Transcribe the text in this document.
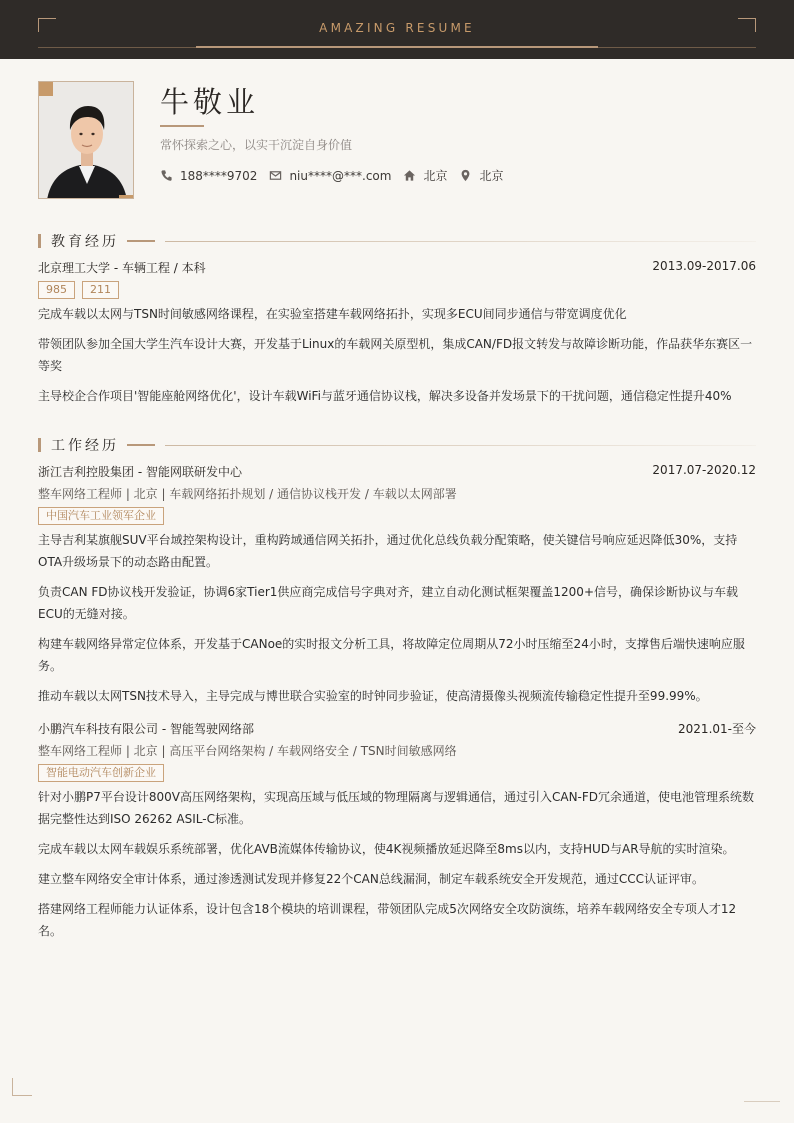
AMAZING RESUME
牛敬业
常怀探索之心，以实干沉淀自身价值
188****9702	niu****@***.com	北京	北京
教育经历
北京理工大学 - 车辆工程 / 本科	2013.09-2017.06
985	211
完成车载以太网与TSN时间敏感网络课程，在实验室搭建车载网络拓扑，实现多ECU间同步通信与带宽调度优化
带领团队参加全国大学生汽车设计大赛，开发基于Linux的车载网关原型机，集成CAN/FD报文转发与故障诊断功能，作品获华东赛区一等奖
主导校企合作项目'智能座舱网络优化'，设计车载WiFi与蓝牙通信协议栈，解决多设备并发场景下的干扰问题，通信稳定性提升40%
工作经历
浙江吉利控股集团 - 智能网联研发中心	2017.07-2020.12
整车网络工程师 | 北京 | 车载网络拓扑规划 / 通信协议栈开发 / 车载以太网部署
中国汽车工业领军企业
主导吉利某旗舰SUV平台域控架构设计，重构跨域通信网关拓扑，通过优化总线负载分配策略，使关键信号响应延迟降低30%，支持OTA升级场景下的动态路由配置。
负责CAN FD协议栈开发验证，协调6家Tier1供应商完成信号字典对齐，建立自动化测试框架覆盖1200+信号，确保诊断协议与车载ECU的无缝对接。
构建车载网络异常定位体系，开发基于CANoe的实时报文分析工具，将故障定位周期从72小时压缩至24小时，支撑售后端快速响应服务。
推动车载以太网TSN技术导入，主导完成与博世联合实验室的时钟同步验证，使高清摄像头视频流传输稳定性提升至99.99%。
小鹏汽车科技有限公司 - 智能驾驶网络部	2021.01-至今
整车网络工程师 | 北京 | 高压平台网络架构 / 车载网络安全 / TSN时间敏感网络
智能电动汽车创新企业
针对小鹏P7平台设计800V高压网络架构，实现高压域与低压域的物理隔离与逻辑通信，通过引入CAN-FD冗余通道，使电池管理系统数据完整性达到ISO 26262 ASIL-C标准。
完成车载以太网车载娱乐系统部署，优化AVB流媒体传输协议，使4K视频播放延迟降至8ms以内，支持HUD与AR导航的实时渲染。
建立整车网络安全审计体系，通过渗透测试发现并修复22个CAN总线漏洞，制定车载系统安全开发规范，通过CCC认证评审。
搭建网络工程师能力认证体系，设计包含18个模块的培训课程，带领团队完成5次网络安全攻防演练，培养车载网络安全专项人才12名。
